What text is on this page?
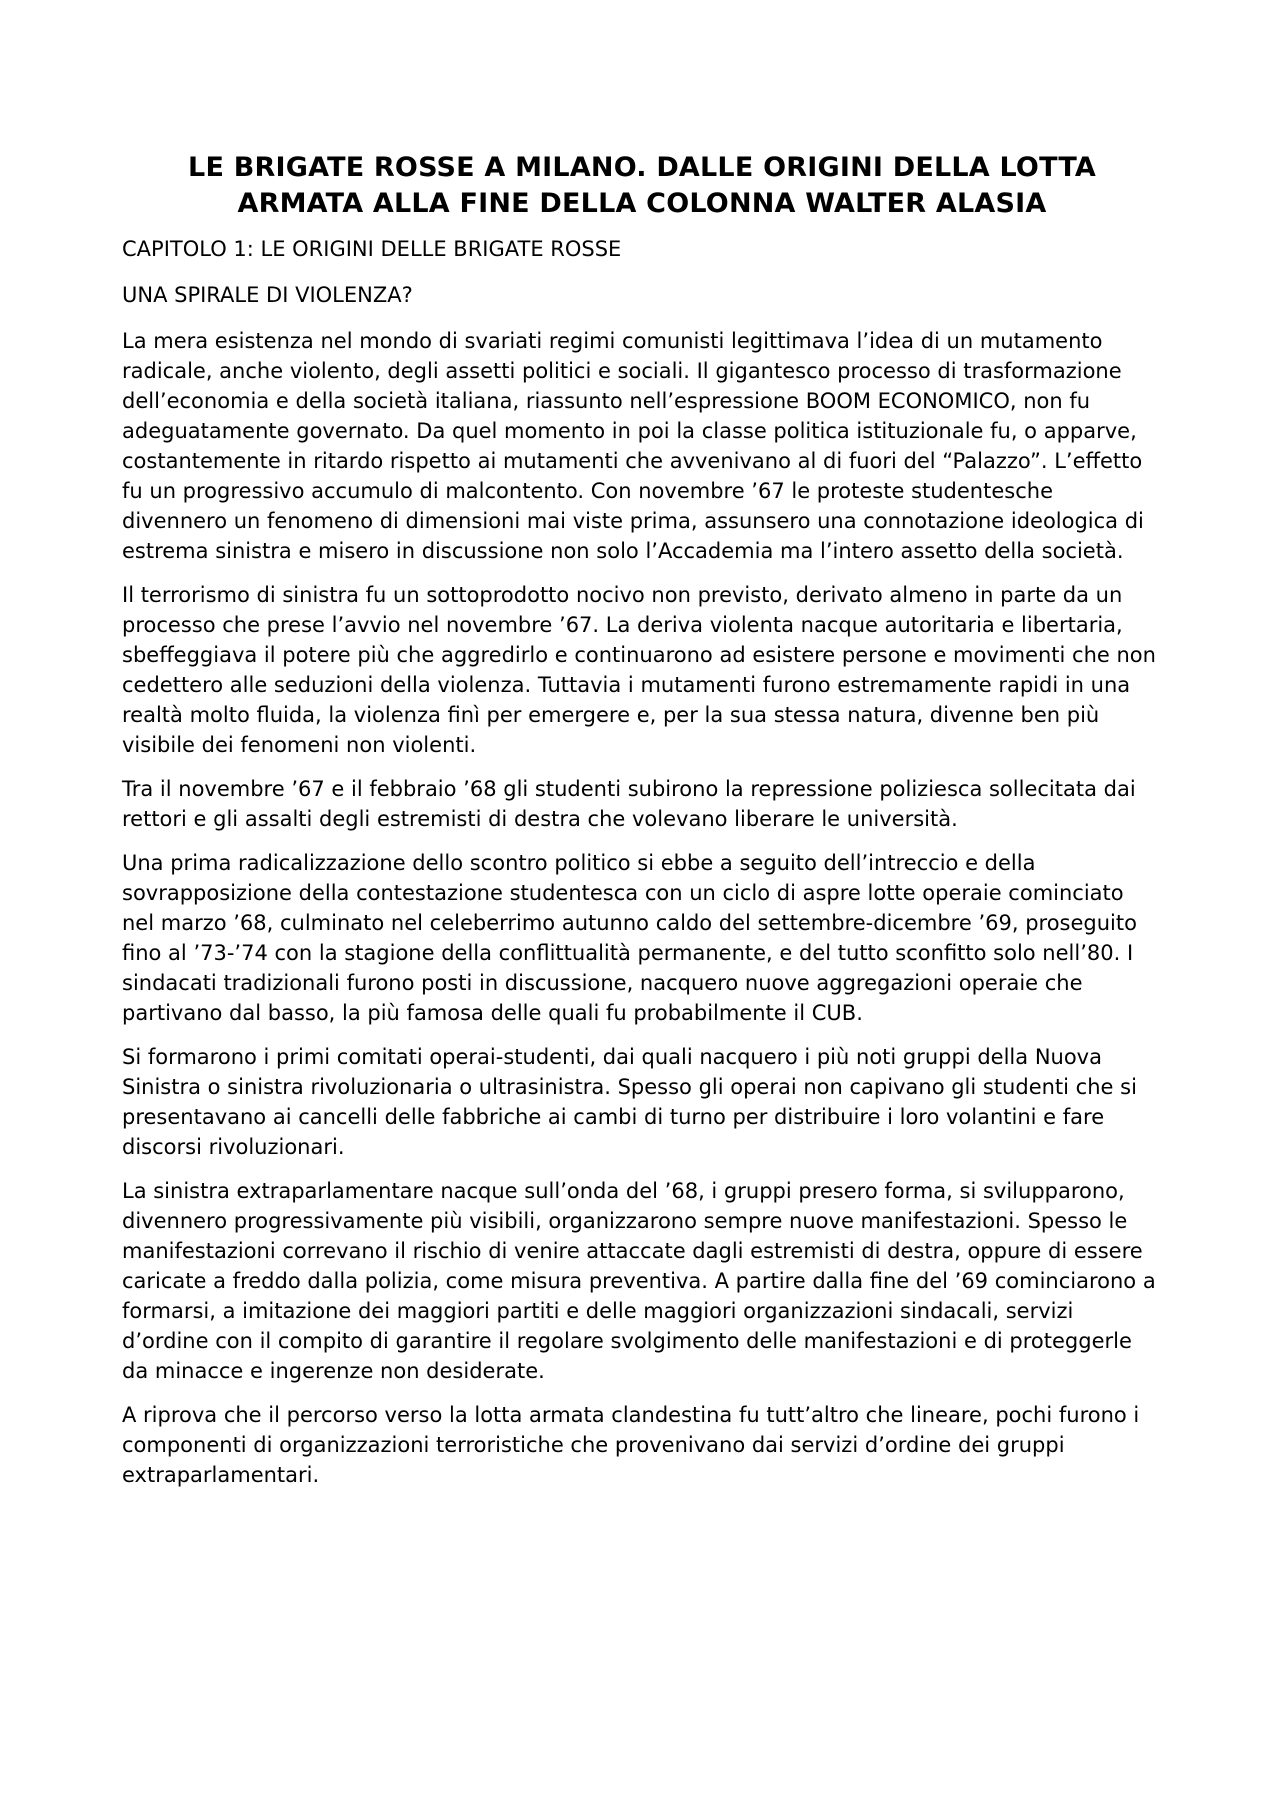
LE BRIGATE ROSSE A MILANO. DALLE ORIGINI DELLA LOTTA
ARMATA ALLA FINE DELLA COLONNA WALTER ALASIA

CAPITOLO 1: LE ORIGINI DELLE BRIGATE ROSSE

UNA SPIRALE DI VIOLENZA?

La mera esistenza nel mondo di svariati regimi comunisti legittimava l’idea di un mutamento radicale, anche violento, degli assetti politici e sociali. Il gigantesco processo di trasformazione dell’economia e della società italiana, riassunto nell’espressione BOOM ECONOMICO, non fu adeguatamente governato. Da quel momento in poi la classe politica istituzionale fu, o apparve, costantemente in ritardo rispetto ai mutamenti che avvenivano al di fuori del “Palazzo”. L’effetto fu un progressivo accumulo di malcontento. Con novembre ’67 le proteste studentesche divennero un fenomeno di dimensioni mai viste prima, assunsero una connotazione ideologica di estrema sinistra e misero in discussione non solo l’Accademia ma l’intero assetto della società.

Il terrorismo di sinistra fu un sottoprodotto nocivo non previsto, derivato almeno in parte da un processo che prese l’avvio nel novembre ’67. La deriva violenta nacque autoritaria e libertaria, sbeffeggiava il potere più che aggredirlo e continuarono ad esistere persone e movimenti che non cedettero alle seduzioni della violenza. Tuttavia i mutamenti furono estremamente rapidi in una realtà molto fluida, la violenza finì per emergere e, per la sua stessa natura, divenne ben più visibile dei fenomeni non violenti.

Tra il novembre ’67 e il febbraio ’68 gli studenti subirono la repressione poliziesca sollecitata dai rettori e gli assalti degli estremisti di destra che volevano liberare le università.

Una prima radicalizzazione dello scontro politico si ebbe a seguito dell’intreccio e della sovrapposizione della contestazione studentesca con un ciclo di aspre lotte operaie cominciato nel marzo ’68, culminato nel celeberrimo autunno caldo del settembre-dicembre ’69, proseguito fino al ’73-’74 con la stagione della conflittualità permanente, e del tutto sconfitto solo nell’80. I sindacati tradizionali furono posti in discussione, nacquero nuove aggregazioni operaie che partivano dal basso, la più famosa delle quali fu probabilmente il CUB.

Si formarono i primi comitati operai-studenti, dai quali nacquero i più noti gruppi della Nuova Sinistra o sinistra rivoluzionaria o ultrasinistra. Spesso gli operai non capivano gli studenti che si presentavano ai cancelli delle fabbriche ai cambi di turno per distribuire i loro volantini e fare discorsi rivoluzionari.

La sinistra extraparlamentare nacque sull’onda del ’68, i gruppi presero forma, si svilupparono, divennero progressivamente più visibili, organizzarono sempre nuove manifestazioni. Spesso le manifestazioni correvano il rischio di venire attaccate dagli estremisti di destra, oppure di essere caricate a freddo dalla polizia, come misura preventiva. A partire dalla fine del ’69 cominciarono a formarsi, a imitazione dei maggiori partiti e delle maggiori organizzazioni sindacali, servizi d’ordine con il compito di garantire il regolare svolgimento delle manifestazioni e di proteggerle da minacce e ingerenze non desiderate.

A riprova che il percorso verso la lotta armata clandestina fu tutt’altro che lineare, pochi furono i componenti di organizzazioni terroristiche che provenivano dai servizi d’ordine dei gruppi extraparlamentari.
